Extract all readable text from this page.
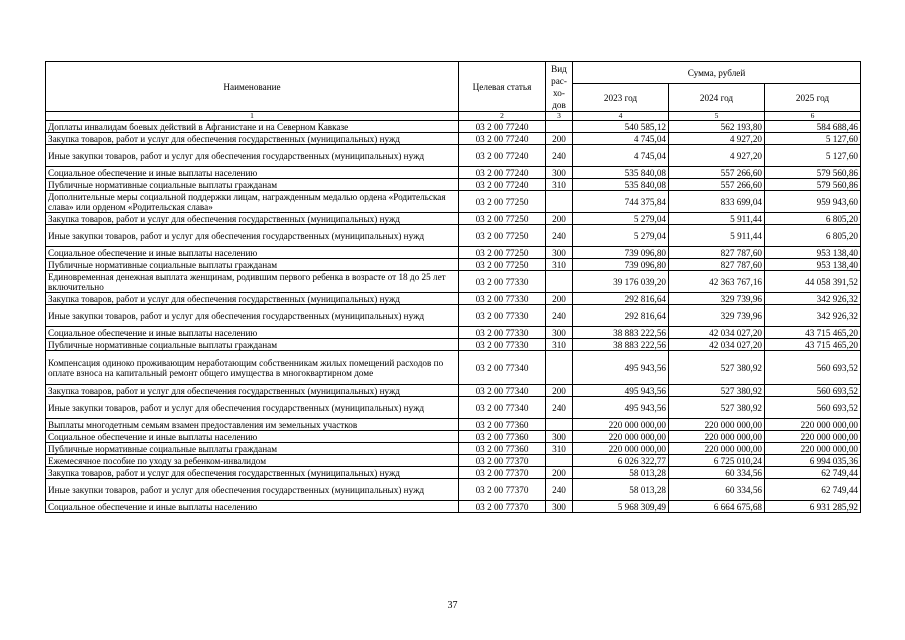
Наименование	Целевая статья	Вид рас-
хо-
дов	Сумма, рублей		
			2023 год	2024 год	2025 год
1	2	3	4	5	6
Доплаты инвалидам боевых действий в Афганистане и на Северном Кавказе	03 2 00 77240		540 585,12	562 193,80	584 688,46
Закупка товаров, работ и услуг для обеспечения государственных (муниципальных) нужд	03 2 00 77240	200	4 745,04	4 927,20	5 127,60
Иные закупки товаров, работ и услуг для обеспечения государственных (муниципальных) нужд	03 2 00 77240	240	4 745,04	4 927,20	5 127,60
Социальное обеспечение и иные выплаты населению	03 2 00 77240	300	535 840,08	557 266,60	579 560,86
Публичные нормативные социальные выплаты гражданам	03 2 00 77240	310	535 840,08	557 266,60	579 560,86
Дополнительные меры социальной поддержки лицам, награжденным медалью ордена «Родительская слава» или орденом «Родительская слава»	03 2 00 77250		744 375,84	833 699,04	959 943,60
Закупка товаров, работ и услуг для обеспечения государственных (муниципальных) нужд	03 2 00 77250	200	5 279,04	5 911,44	6 805,20
Иные закупки товаров, работ и услуг для обеспечения государственных (муниципальных) нужд	03 2 00 77250	240	5 279,04	5 911,44	6 805,20
Социальное обеспечение и иные выплаты населению	03 2 00 77250	300	739 096,80	827 787,60	953 138,40
Публичные нормативные социальные выплаты гражданам	03 2 00 77250	310	739 096,80	827 787,60	953 138,40
Единовременная денежная выплата женщинам, родившим первого ребенка в возрасте от 18 до 25 лет включительно	03 2 00 77330		39 176 039,20	42 363 767,16	44 058 391,52
Закупка товаров, работ и услуг для обеспечения государственных (муниципальных) нужд	03 2 00 77330	200	292 816,64	329 739,96	342 926,32
Иные закупки товаров, работ и услуг для обеспечения государственных (муниципальных) нужд	03 2 00 77330	240	292 816,64	329 739,96	342 926,32
Социальное обеспечение и иные выплаты населению	03 2 00 77330	300	38 883 222,56	42 034 027,20	43 715 465,20
Публичные нормативные социальные выплаты гражданам	03 2 00 77330	310	38 883 222,56	42 034 027,20	43 715 465,20
Компенсация одиноко проживающим неработающим собственникам жилых помещений расходов по оплате взноса на капитальный ремонт общего имущества в многоквартирном доме	03 2 00 77340		495 943,56	527 380,92	560 693,52
Закупка товаров, работ и услуг для обеспечения государственных (муниципальных) нужд	03 2 00 77340	200	495 943,56	527 380,92	560 693,52
Иные закупки товаров, работ и услуг для обеспечения государственных (муниципальных) нужд	03 2 00 77340	240	495 943,56	527 380,92	560 693,52
Выплаты многодетным семьям взамен предоставления им земельных участков	03 2 00 77360		220 000 000,00	220 000 000,00	220 000 000,00
Социальное обеспечение и иные выплаты населению	03 2 00 77360	300	220 000 000,00	220 000 000,00	220 000 000,00
Публичные нормативные социальные выплаты гражданам	03 2 00 77360	310	220 000 000,00	220 000 000,00	220 000 000,00
Ежемесячное пособие по уходу за ребенком-инвалидом	03 2 00 77370		6 026 322,77	6 725 010,24	6 994 035,36
Закупка товаров, работ и услуг для обеспечения государственных (муниципальных) нужд	03 2 00 77370	200	58 013,28	60 334,56	62 749,44
Иные закупки товаров, работ и услуг для обеспечения государственных (муниципальных) нужд	03 2 00 77370	240	58 013,28	60 334,56	62 749,44
Социальное обеспечение и иные выплаты населению	03 2 00 77370	300	5 968 309,49	6 664 675,68	6 931 285,92
37
